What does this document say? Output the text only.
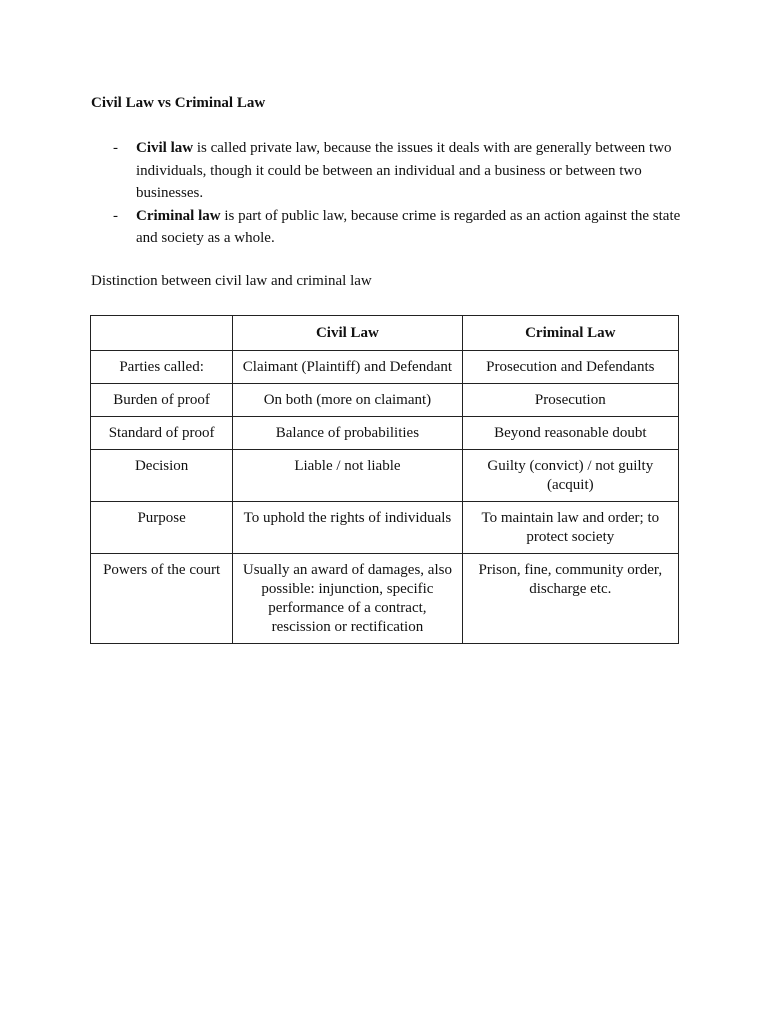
Civil Law vs Criminal Law

- Civil law is called private law, because the issues it deals with are generally between two individuals, though it could be between an individual and a business or between two businesses.

- Criminal law is part of public law, because crime is regarded as an action against the state and society as a whole.

Distinction between civil law and criminal law
	Civil Law	Criminal Law
Parties called:	Claimant (Plaintiff) and Defendant	Prosecution and Defendants
Burden of proof	On both (more on claimant)	Prosecution
Standard of proof	Balance of probabilities	Beyond reasonable doubt
Decision	Liable / not liable	Guilty (convict) / not guilty (acquit)
Purpose	To uphold the rights of individuals	To maintain law and order; to protect society
Powers of the court	Usually an award of damages, also possible: injunction, specific performance of a contract, rescission or rectification	Prison, fine, community order, discharge etc.
